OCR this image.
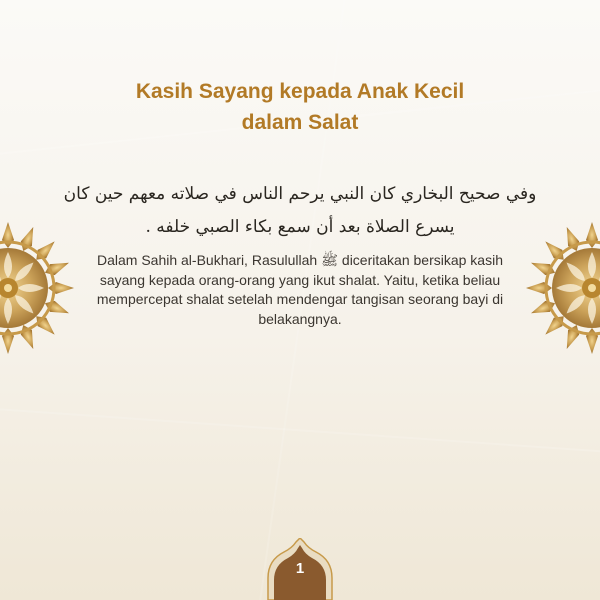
Kasih Sayang kepada Anak Kecil
dalam Salat
وفي صحيح البخاري كان النبي يرحم الناس في صلاته معهم حين كان يسرع الصلاة بعد أن سمع بكاء الصبي خلفه .
Dalam Sahih al-Bukhari, Rasulullah ﷺ diceritakan bersikap kasih sayang kepada orang-orang yang ikut shalat. Yaitu, ketika beliau mempercepat shalat setelah mendengar tangisan seorang bayi di belakangnya.
1
